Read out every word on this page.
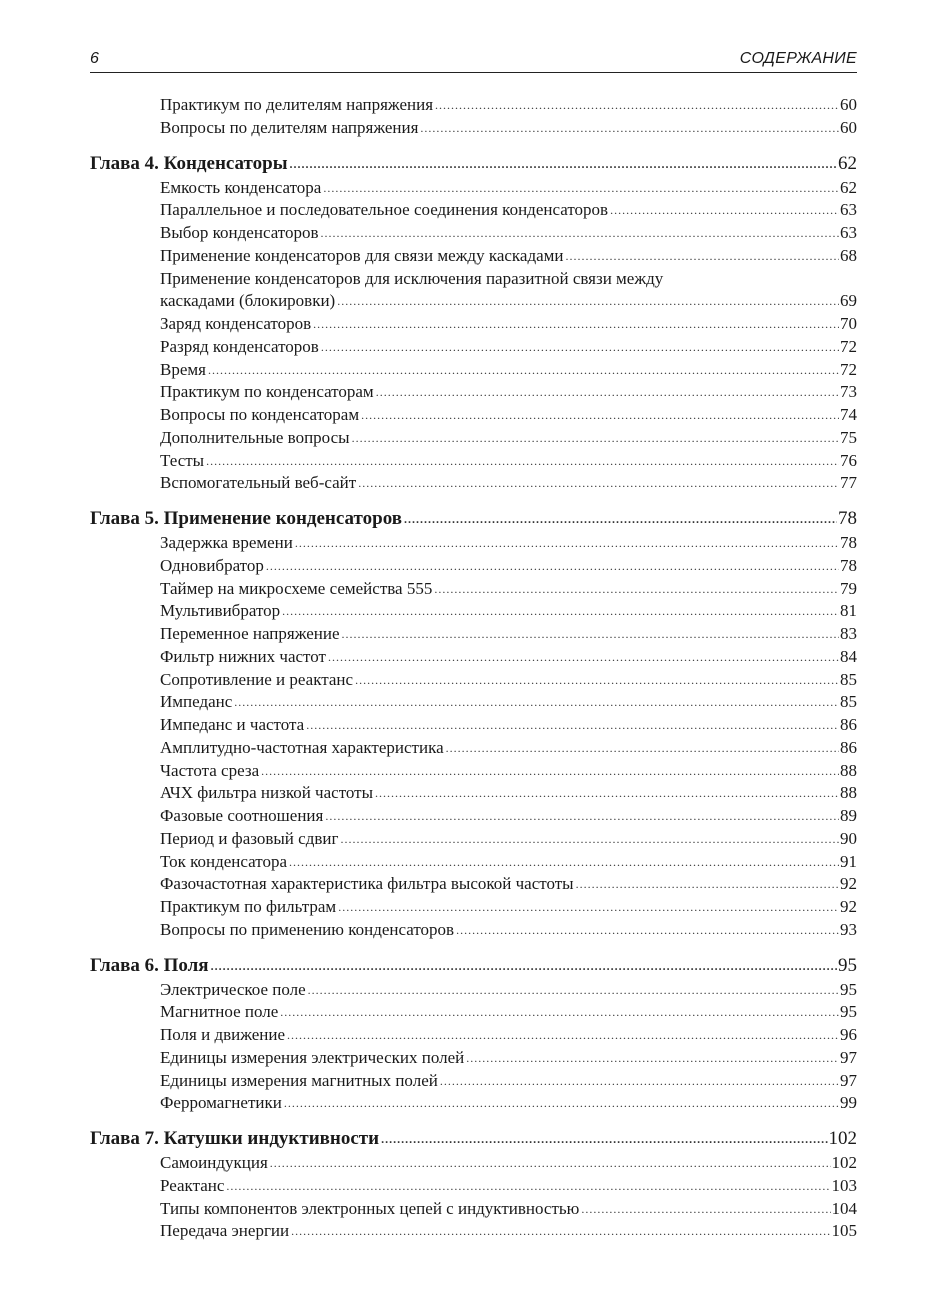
6	СОДЕРЖАНИЕ
Практикум по делителям напряжения .....	60
Вопросы по делителям напряжения .....	60
Глава 4. Конденсаторы .....	62
Емкость конденсатора .....	62
Параллельное и последовательное соединения конденсаторов .....	63
Выбор конденсаторов .....	63
Применение конденсаторов для связи между каскадами .....	68
Применение конденсаторов для исключения паразитной связи между
каскадами (блокировки) .....	69
Заряд конденсаторов .....	70
Разряд конденсаторов .....	72
Время .....	72
Практикум по конденсаторам .....	73
Вопросы по конденсаторам .....	74
Дополнительные вопросы .....	75
Тесты .....	76
Вспомогательный веб-сайт .....	77
Глава 5. Применение конденсаторов .....	78
Задержка времени .....	78
Одновибратор .....	78
Таймер на микросхеме семейства 555 .....	79
Мультивибратор .....	81
Переменное напряжение .....	83
Фильтр нижних частот .....	84
Сопротивление и реактанс .....	85
Импеданс .....	85
Импеданс и частота .....	86
Амплитудно-частотная характеристика .....	86
Частота среза .....	88
АЧХ фильтра низкой частоты .....	88
Фазовые соотношения .....	89
Период и фазовый сдвиг .....	90
Ток конденсатора .....	91
Фазочастотная характеристика фильтра высокой частоты .....	92
Практикум по фильтрам .....	92
Вопросы по применению конденсаторов .....	93
Глава 6. Поля .....	95
Электрическое поле .....	95
Магнитное поле .....	95
Поля и движение .....	96
Единицы измерения электрических полей .....	97
Единицы измерения магнитных полей .....	97
Ферромагнетики .....	99
Глава 7. Катушки индуктивности .....	102
Самоиндукция .....	102
Реактанс .....	103
Типы компонентов электронных цепей с индуктивностью .....	104
Передача энергии .....	105
